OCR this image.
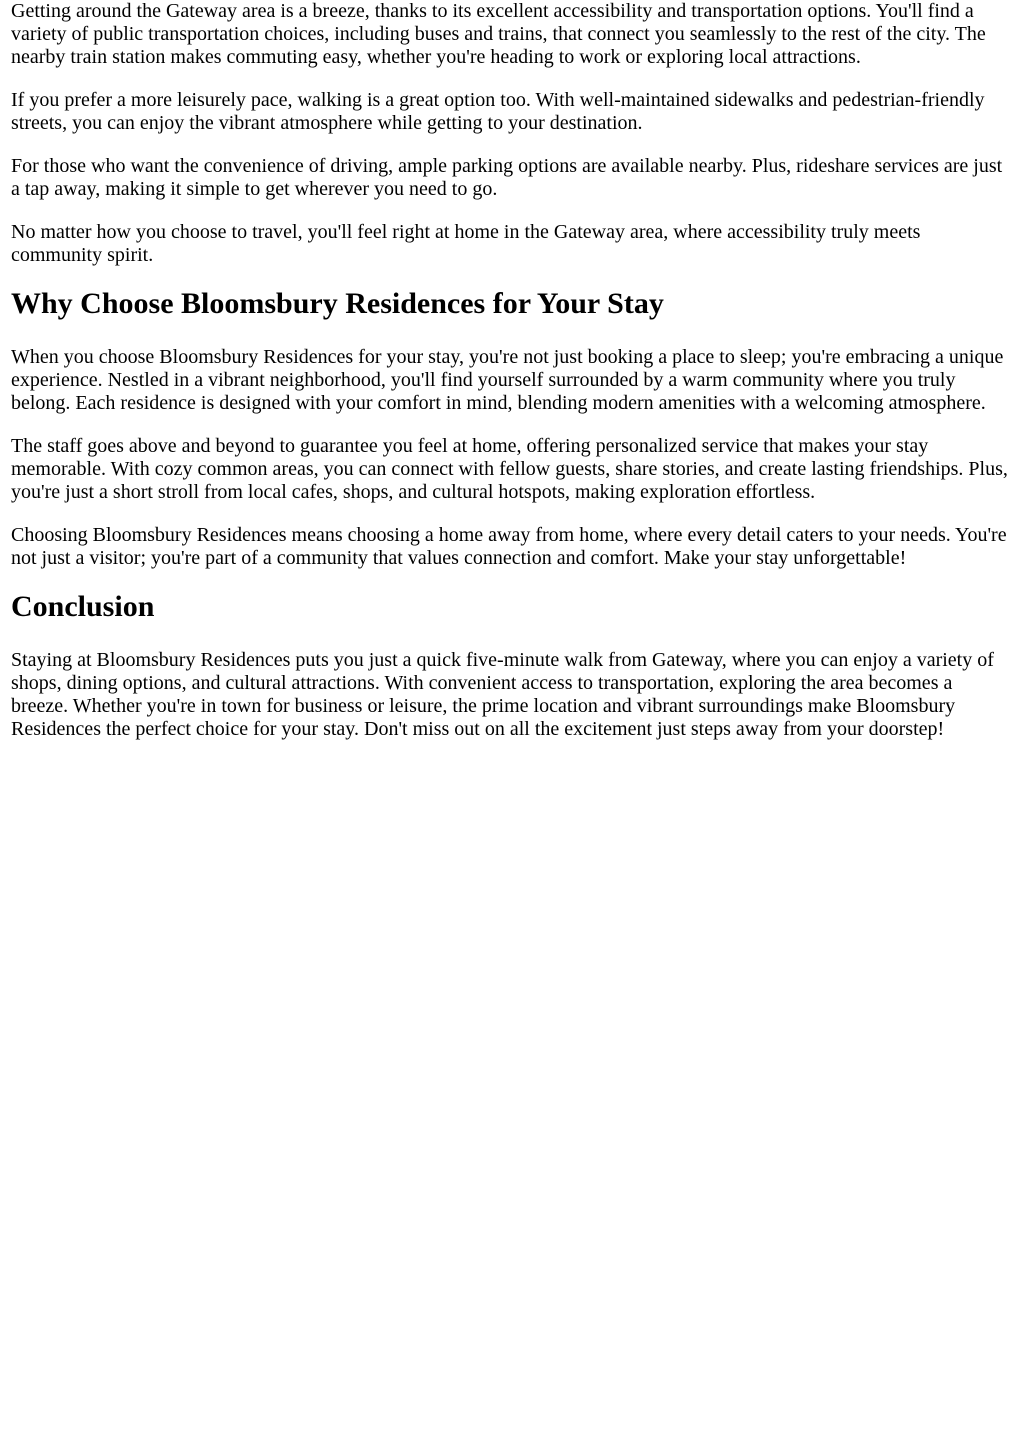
Getting around the Gateway area is a breeze, thanks to its excellent accessibility and transportation options. You'll find a variety of public transportation choices, including buses and trains, that connect you seamlessly to the rest of the city. The nearby train station makes commuting easy, whether you're heading to work or exploring local attractions.

If you prefer a more leisurely pace, walking is a great option too. With well-maintained sidewalks and pedestrian-friendly streets, you can enjoy the vibrant atmosphere while getting to your destination.

For those who want the convenience of driving, ample parking options are available nearby. Plus, rideshare services are just a tap away, making it simple to get wherever you need to go.

No matter how you choose to travel, you'll feel right at home in the Gateway area, where accessibility truly meets community spirit.

Why Choose Bloomsbury Residences for Your Stay

When you choose Bloomsbury Residences for your stay, you're not just booking a place to sleep; you're embracing a unique experience. Nestled in a vibrant neighborhood, you'll find yourself surrounded by a warm community where you truly belong. Each residence is designed with your comfort in mind, blending modern amenities with a welcoming atmosphere.

The staff goes above and beyond to guarantee you feel at home, offering personalized service that makes your stay memorable. With cozy common areas, you can connect with fellow guests, share stories, and create lasting friendships. Plus, you're just a short stroll from local cafes, shops, and cultural hotspots, making exploration effortless.

Choosing Bloomsbury Residences means choosing a home away from home, where every detail caters to your needs. You're not just a visitor; you're part of a community that values connection and comfort. Make your stay unforgettable!

Conclusion

Staying at Bloomsbury Residences puts you just a quick five-minute walk from Gateway, where you can enjoy a variety of shops, dining options, and cultural attractions. With convenient access to transportation, exploring the area becomes a breeze. Whether you're in town for business or leisure, the prime location and vibrant surroundings make Bloomsbury Residences the perfect choice for your stay. Don't miss out on all the excitement just steps away from your doorstep!
